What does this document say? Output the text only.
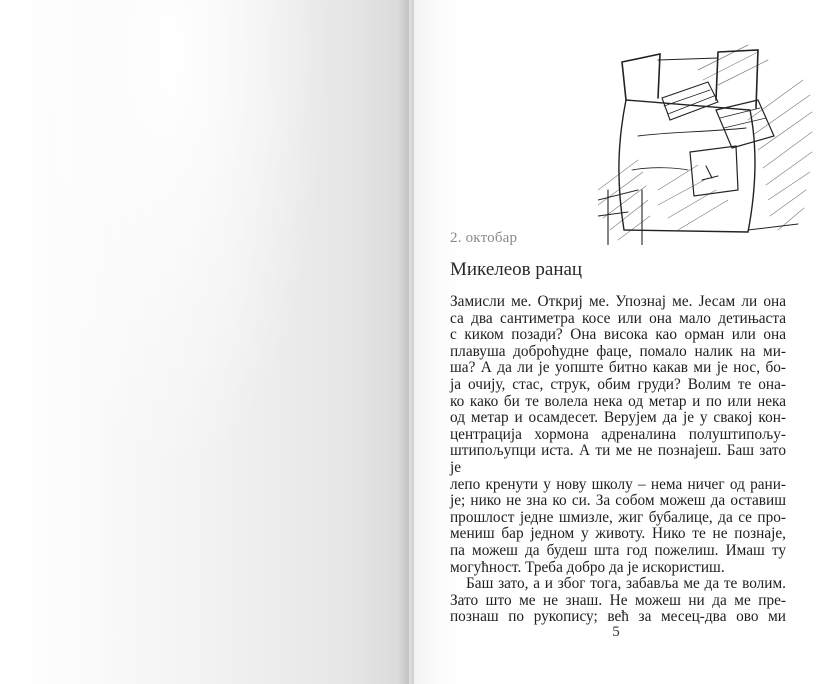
2. октобар
Микелеов ранац
Замисли ме. Откриј ме. Упознај ме. Јесам ли она
са два сантиметра косе или она мало детињаста
с киком позади? Она висока као орман или она
плавуша доброћудне фаце, помало налик на ми-
ша? А да ли је уопште битно какав ми је нос, бо-
ја очију, стас, струк, обим груди? Волим те она-
ко како би те волела нека од метар и по или нека
од метар и осамдесет. Верујем да је у свакој кон-
центрација хормона адреналина полуштипољу-
штипољупци иста. А ти ме не познајеш. Баш зато је
лепо кренути у нову школу – нема ничег од рани-
је; нико не зна ко си. За собом можеш да оставиш
прошлост једне шмизле, жиг бубалице, да се про-
мениш бар једном у животу. Нико те не познаје,
па можеш да будеш шта год пожелиш. Имаш ту
могућност. Треба добро да је искористиш.
Баш зато, а и због тога, забавља ме да те волим.
Зато што ме не знаш. Не можеш ни да ме пре-
познаш по рукопису; већ за месец-два ово ми
5
